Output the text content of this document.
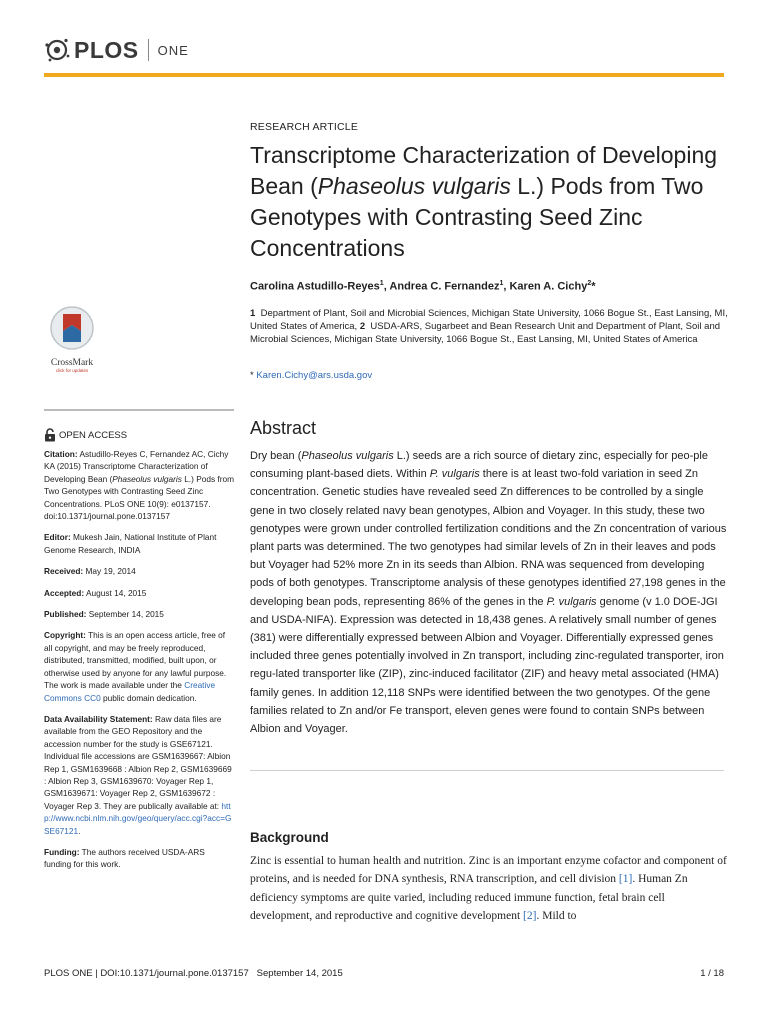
PLOS ONE
RESEARCH ARTICLE
Transcriptome Characterization of Developing Bean (Phaseolus vulgaris L.) Pods from Two Genotypes with Contrasting Seed Zinc Concentrations
Carolina Astudillo-Reyes$^1$, Andrea C. Fernandez$^1$, Karen A. Cichy$^2$*
1 Department of Plant, Soil and Microbial Sciences, Michigan State University, 1066 Bogue St., East Lansing, MI, United States of America, 2 USDA-ARS, Sugarbeet and Bean Research Unit and Department of Plant, Soil and Microbial Sciences, Michigan State University, 1066 Bogue St., East Lansing, MI, United States of America
* Karen.Cichy@ars.usda.gov
Abstract
Dry bean (Phaseolus vulgaris L.) seeds are a rich source of dietary zinc, especially for peo-ple consuming plant-based diets. Within P. vulgaris there is at least two-fold variation in seed Zn concentration. Genetic studies have revealed seed Zn differences to be controlled by a single gene in two closely related navy bean genotypes, Albion and Voyager. In this study, these two genotypes were grown under controlled fertilization conditions and the Zn concentration of various plant parts was determined. The two genotypes had similar levels of Zn in their leaves and pods but Voyager had 52% more Zn in its seeds than Albion. RNA was sequenced from developing pods of both genotypes. Transcriptome analysis of these genotypes identified 27,198 genes in the developing bean pods, representing 86% of the genes in the P. vulgaris genome (v 1.0 DOE-JGI and USDA-NIFA). Expression was detected in 18,438 genes. A relatively small number of genes (381) were differentially expressed between Albion and Voyager. Differentially expressed genes included three genes potentially involved in Zn transport, including zinc-regulated transporter, iron regu-lated transporter like (ZIP), zinc-induced facilitator (ZIF) and heavy metal associated (HMA) family genes. In addition 12,118 SNPs were identified between the two genotypes. Of the gene families related to Zn and/or Fe transport, eleven genes were found to contain SNPs between Albion and Voyager.
Background
Zinc is essential to human health and nutrition. Zinc is an important enzyme cofactor and component of proteins, and is needed for DNA synthesis, RNA transcription, and cell division [1]. Human Zn deficiency symptoms are quite varied, including reduced immune function, fetal brain cell development, and reproductive and cognitive development [2]. Mild to
CrossMark
click for updates
OPEN ACCESS
Citation: Astudillo-Reyes C, Fernandez AC, Cichy KA (2015) Transcriptome Characterization of Developing Bean (Phaseolus vulgaris L.) Pods from Two Genotypes with Contrasting Seed Zinc Concentrations. PLoS ONE 10(9): e0137157. doi:10.1371/journal.pone.0137157
Editor: Mukesh Jain, National Institute of Plant Genome Research, INDIA
Received: May 19, 2014
Accepted: August 14, 2015
Published: September 14, 2015
Copyright: This is an open access article, free of all copyright, and may be freely reproduced, distributed, transmitted, modified, built upon, or otherwise used by anyone for any lawful purpose. The work is made available under the Creative Commons CC0 public domain dedication.
Data Availability Statement: Raw data files are available from the GEO Repository and the accession number for the study is GSE67121. Individual file accessions are GSM1639667: Albion Rep 1, GSM1639668 : Albion Rep 2, GSM1639669 : Albion Rep 3, GSM1639670: Voyager Rep 1, GSM1639671: Voyager Rep 2, GSM1639672 : Voyager Rep 3. They are publically available at: http://www.ncbi.nlm.nih.gov/geo/query/acc.cgi?acc=GSE67121.
Funding: The authors received USDA-ARS funding for this work.
PLOS ONE | DOI:10.1371/journal.pone.0137157   September 14, 2015	1 / 18
